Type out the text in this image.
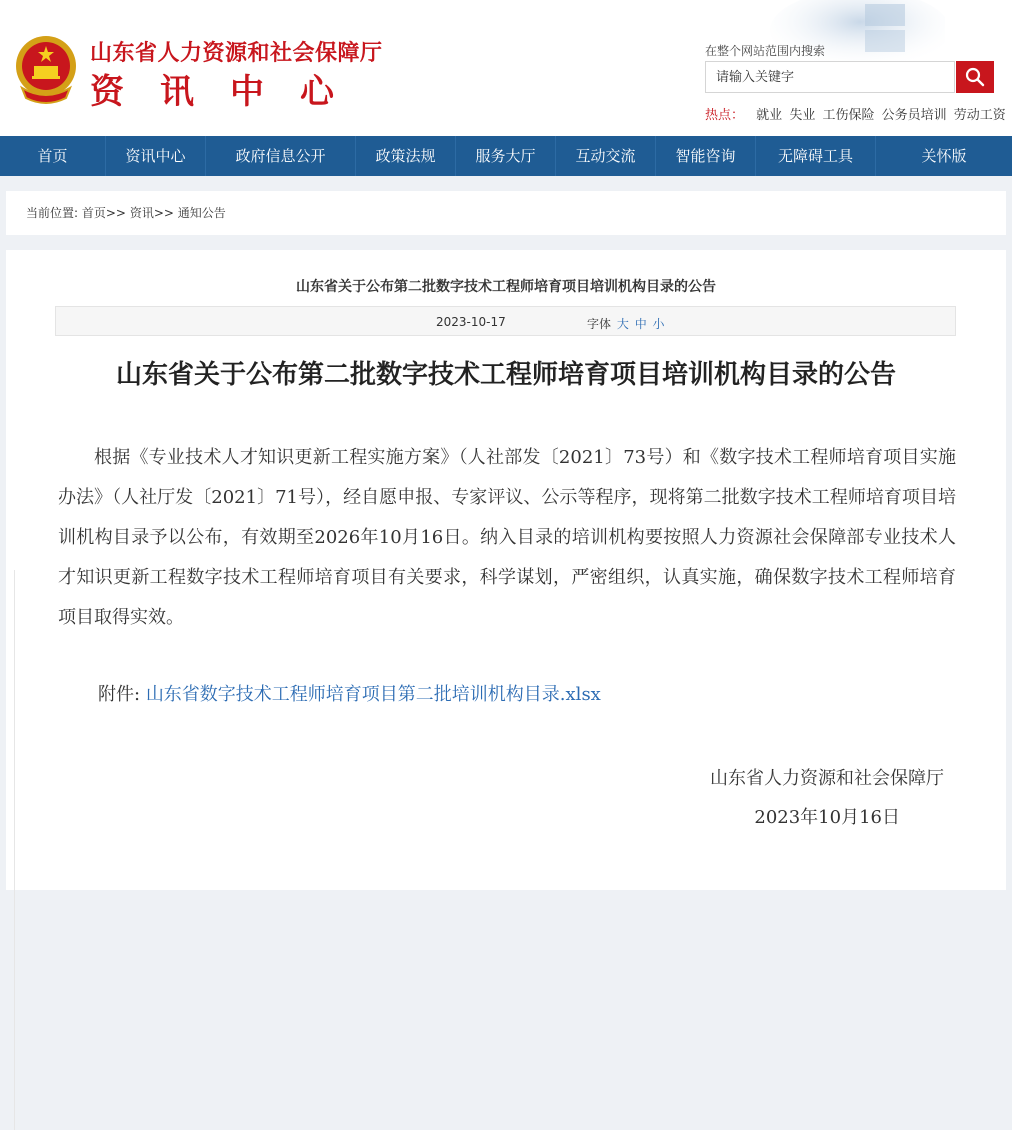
山东省人力资源和社会保障厅
资讯中心
在整个网站范围内搜索
请输入关键字
热点： 就业 失业 工伤保险 公务员培训 劳动工资
首页	资讯中心	政府信息公开	政策法规	服务大厅	互动交流	智能咨询	无障碍工具	关怀版
当前位置: 首页>> 资讯>> 通知公告
山东省关于公布第二批数字技术工程师培育项目培训机构目录的公告
2023-10-17	字体 大 中 小
山东省关于公布第二批数字技术工程师培育项目培训机构目录的公告

根据《专业技术人才知识更新工程实施方案》（人社部发〔2021〕73号）和《数字技术工程师培育项目实施办法》（人社厅发〔2021〕71号），经自愿申报、专家评议、公示等程序，现将第二批数字技术工程师培育项目培训机构目录予以公布，有效期至2026年10月16日。纳入目录的培训机构要按照人力资源社会保障部专业技术人才知识更新工程数字技术工程师培育项目有关要求，科学谋划，严密组织，认真实施，确保数字技术工程师培育项目取得实效。

附件: 山东省数字技术工程师培育项目第二批培训机构目录.xlsx
山东省人力资源和社会保障厅
2023年10月16日
